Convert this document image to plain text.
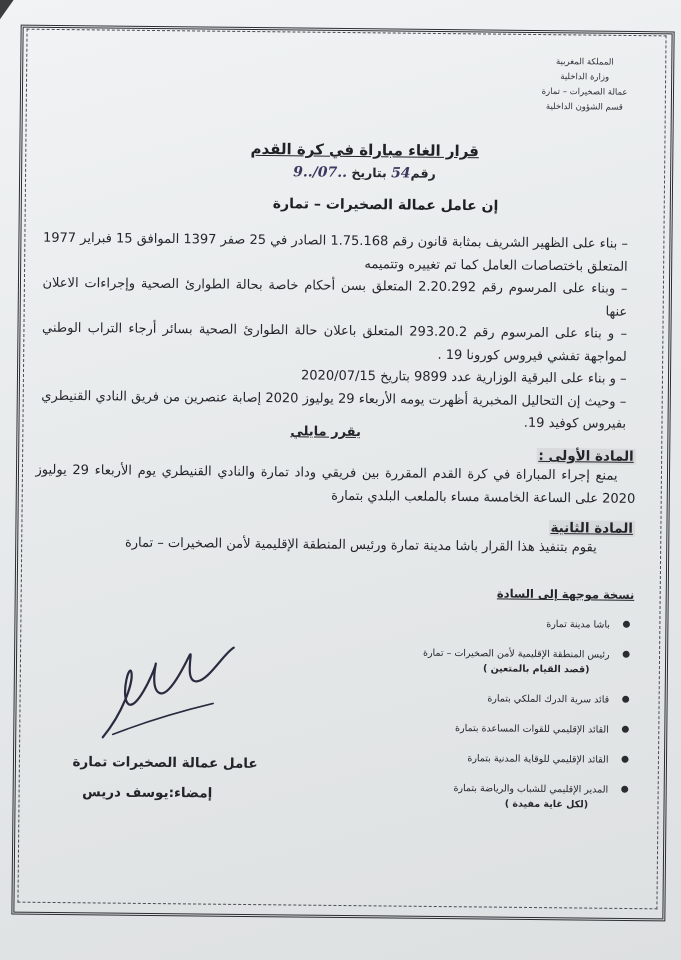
المملكة المغربية
وزارة الداخلية
عمالة الصخيرات – تمارة
قسم الشؤون الداخلية
قرار الغاء مباراة في كرة القدم
رقم54 بتاريخ ..07/..9
إن عامل عمالة الصخيرات – تمارة

– بناء على الظهير الشريف بمثابة قانون رقم 1.75.168 الصادر في 25 صفر 1397 الموافق 15 فبراير 1977 المتعلق باختصاصات العامل كما تم تغييره وتتميمه

– وبناء على المرسوم رقم 2.20.292 المتعلق بسن أحكام خاصة بحالة الطوارئ الصحية وإجراءات الاعلان عنها

– و بناء على المرسوم رقم 293.20.2 المتعلق باعلان حالة الطوارئ الصحية بسائر أرجاء التراب الوطني لمواجهة تفشي فيروس كورونا 19 .

– و بناء على البرقية الوزارية عدد 9899 بتاريخ 2020/07/15

– وحيث إن التحاليل المخبرية أظهرت يومه الأربعاء 29 يوليوز 2020 إصابة عنصرين من فريق النادي القنيطري بفيروس كوفيد 19.

يقرر مايلي
المادة الأولى :

يمنع إجراء المباراة في كرة القدم المقررة بين فريقي وداد تمارة والنادي القنيطري يوم الأربعاء 29 يوليوز 2020 على الساعة الخامسة مساء بالملعب البلدي بتمارة

المادة الثانية

يقوم بتنفيذ هذا القرار باشا مدينة تمارة ورئيس المنطقة الإقليمية لأمن الصخيرات – تمارة

نسخة موجهة إلى السادة
باشا مدينة تمارة
رئيس المنطقة الإقليمية لأمن الصخيرات – تمارة
(قصد القيام بالمتعين )
قائد سرية الدرك الملكي بتمارة
القائد الإقليمي للقوات المساعدة بتمارة
القائد الإقليمي للوقاية المدنية بتمارة
المدير الإقليمي للشباب والرياضة بتمارة
(لكل غاية مفيدة )
عامل عمالة الصخيرات تمارة
إمضاء:يوسف دريس
